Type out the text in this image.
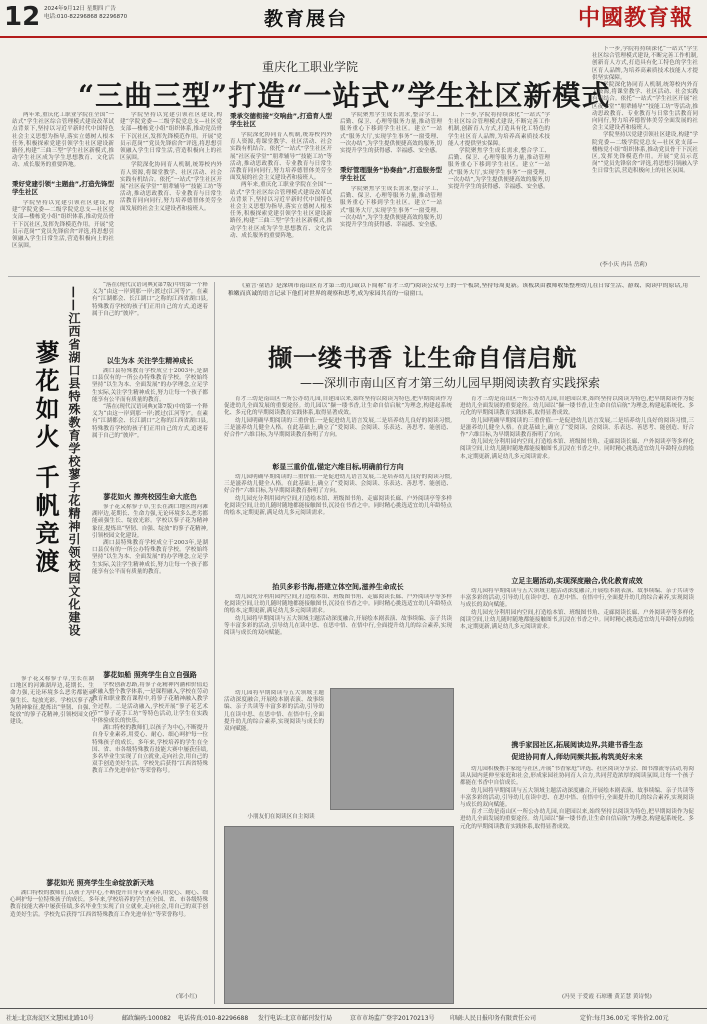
12 2024年9月12日 星期四 广告
电话:010-82296868 82296870	教育展台	中國教育報
重庆化工职业学院
“三曲三型”打造“一站式”学生社区新模式

两年来,重庆化工职业学院在全国“一站式”学生社区综合管理模式建设改革试点背景下,坚持以习近平新时代中国特色社会主义思想为指导,落实立德树人根本任务,积极探索党建引领学生社区建设新路径,构建“三曲三型”学生社区新模式,推动学生社区成为学生思想教育、文化活动、成长服务的重要阵地。

秉好党建引领“主题曲”,打造先锋型学生社区

学院坚持以党建引领社区建设,构建“学院党委—二级学院党总支—社区党支部—楼栋党小组”组织体系,推动党员骨干下沉社区,发挥先锋模范作用。开展“党员示范岗”“党员先锋宿舍”评选,将思想引领融入学生日常生活,营造积极向上的社区氛围。

学院坚持以党建引领社区建设,构建“学院党委—二级学院党总支—社区党支部—楼栋党小组”组织体系,推动党员骨干下沉社区,发挥先锋模范作用。开展“党员示范岗”“党员先锋宿舍”评选,将思想引领融入学生日常生活,营造积极向上的社区氛围。

学院深化协同育人机制,统筹校内外育人资源,将课堂教学、社区活动、社会实践有机结合。依托“一站式”学生社区开展“社区夜学堂”“朋辈辅导”“技能工坊”等活动,推动思政教育、专业教育与日常生活教育同向同行,努力培养德智体美劳全面发展的社会主义建设者和接班人。

秉承交德衔接“交响曲”,打造育人型学生社区

学院深化协同育人机制,统筹校内外育人资源,将课堂教学、社区活动、社会实践有机结合。依托“一站式”学生社区开展“社区夜学堂”“朋辈辅导”“技能工坊”等活动,推动思政教育、专业教育与日常生活教育同向同行,努力培养德智体美劳全面发展的社会主义建设者和接班人。

两年来,重庆化工职业学院在全国“一站式”学生社区综合管理模式建设改革试点背景下,坚持以习近平新时代中国特色社会主义思想为指导,落实立德树人根本任务,积极探索党建引领学生社区建设新路径,构建“三曲三型”学生社区新模式,推动学生社区成为学生思想教育、文化活动、成长服务的重要阵地。

学院聚焦学生成长需求,整合学工、后勤、保卫、心理等服务力量,推动管理服务重心下移到学生社区。建立“一站式”服务大厅,实现学生事务“一窗受理、一次办结”,为学生提供便捷高效的服务,切实提升学生的获得感、幸福感、安全感。

秉好管理服务“协奏曲”,打造服务型学生社区

学院聚焦学生成长需求,整合学工、后勤、保卫、心理等服务力量,推动管理服务重心下移到学生社区。建立“一站式”服务大厅,实现学生事务“一窗受理、一次办结”,为学生提供便捷高效的服务,切实提升学生的获得感、幸福感、安全感。

下一步,学院将持续深化“一站式”学生社区综合管理模式建设,不断完善工作机制,创新育人方式,打造具有化工特色的学生社区育人品牌,为培养高素质技术技能人才提供坚实保障。

学院聚焦学生成长需求,整合学工、后勤、保卫、心理等服务力量,推动管理服务重心下移到学生社区。建立“一站式”服务大厅,实现学生事务“一窗受理、一次办结”,为学生提供便捷高效的服务,切实提升学生的获得感、幸福感、安全感。

下一步,学院将持续深化“一站式”学生社区综合管理模式建设,不断完善工作机制,创新育人方式,打造具有化工特色的学生社区育人品牌,为培养高素质技术技能人才提供坚实保障。

学院深化协同育人机制,统筹校内外育人资源,将课堂教学、社区活动、社会实践有机结合。依托“一站式”学生社区开展“社区夜学堂”“朋辈辅导”“技能工坊”等活动,推动思政教育、专业教育与日常生活教育同向同行,努力培养德智体美劳全面发展的社会主义建设者和接班人。

学院坚持以党建引领社区建设,构建“学院党委—二级学院党总支—社区党支部—楼栋党小组”组织体系,推动党员骨干下沉社区,发挥先锋模范作用。开展“党员示范岗”“党员先锋宿舍”评选,将思想引领融入学生日常生活,营造积极向上的社区氛围。

(李小庆 冉昌 岳莉)

“落在(现代汉语词典)(第7版)中的第一个释义为“由这一岸到那一岸;渡过(江河等)”。在素有“江湖都会、长江湖口”之称的江西省湖口县,特殊教育学校的孩子们正用自己的方式,追逐着属于自己的“彼岸”。

以生为本 关注学生精神成长

湖口县特殊教育学校成立于2003年,是湖口县仅有的一所公办特殊教育学校。学校始终坚持“以生为本、全面发展”的办学理念,立足学生实际,关注学生精神成长,努力让每一个孩子都能享有公平而有质量的教育。

“落在(现代汉语词典)(第7版)中的第一个释义为“由这一岸到那一岸;渡过(江河等)”。在素有“江湖都会、长江湖口”之称的江西省湖口县,特殊教育学校的孩子们正用自己的方式,追逐着属于自己的“彼岸”。

蓼花如火 擦亮校园生命大底色

蓼子花又称蓼子草,生长在湖口地区的河滩湖岸边,花期长、生命力强,无论环境多么恶劣都能顽强生长、绽放光彩。学校以蓼子花为精神象征,提炼出“坚韧、自强、绽放”的蓼子花精神,引领校园文化建设。

湖口县特殊教育学校成立于2003年,是湖口县仅有的一所公办特殊教育学校。学校始终坚持“以生为本、全面发展”的办学理念,立足学生实际,关注学生精神成长,努力让每一个孩子都能享有公平而有质量的教育。

——江西省湖口县特殊教育学校蓼子花精神引领校园文化建设
蓼花如火 千帆竞渡

蓼子花又称蓼子草,生长在湖口地区的河滩湖岸边,花期长、生命力强,无论环境多么恶劣都能顽强生长、绽放光彩。学校以蓼子花为精神象征,提炼出“坚韧、自强、绽放”的蓼子花精神,引领校园文化建设。

蓼花如船 照亮学生自立自强路

学校创新思路,将蓼子花精神内涵和价值追求融入整个教学体系,一是课程融入,学校在劳动教育和职业教育课程中,将蓼子花精神融入教学全过程。二是活动融入,学校开展“蓼子花艺术节”“蓼子花手工坊”等特色活动,让学生在实践中体验成长的快乐。

湖口特校的教师们,以孩子为中心,不断提升自身专业素养,用爱心、耐心、细心呵护每一位特殊孩子的成长。多年来,学校培养的学生在全国、省、市各级特殊教育技能大赛中屡获佳绩,多名毕业生实现了自立就业,走向社会,用自己的双手创造美好生活。学校先后获得“江西省特殊教育工作先进单位”等荣誉称号。

蓼花如光 照亮学生生命绽放新天地

湖口特校的教师们,以孩子为中心,不断提升自身专业素养,用爱心、耐心、细心呵护每一位特殊孩子的成长。多年来,学校培养的学生在全国、省、市各级特殊教育技能大赛中屡获佳绩,多名毕业生实现了自立就业,走向社会,用自己的双手创造美好生活。学校先后获得“江西省特殊教育工作先进单位”等荣誉称号。

(邹小红)

《童言·童语》是深圳市南山区育才第三幼儿园(以下简称“育才三幼”)阅读公众号上的一个板块,坚持每周更新。该板块由教师收集整理幼儿在日常生活、游戏、阅读中的原话,用稚嫩而真诚的语言记录下他们对世界的观察和思考,成为家园共育的一扇窗口。

撷一缕书香 让生命自信启航
——深圳市南山区育才第三幼儿园早期阅读教育实践探索

育才三幼是南山区一所公办幼儿园,自建园以来,始终坚持以阅读为特色,把早期阅读作为促进幼儿全面发展的重要途径。幼儿园以“撷一缕书香,让生命自信启航”为理念,构建起系统化、多元化的早期阅读教育实践体系,取得显著成效。

幼儿园明确早期阅读的三重价值:一是促进幼儿语言发展,二是培养幼儿良好的阅读习惯,三是滋养幼儿健全人格。在此基础上,确立了“爱阅读、会阅读、乐表达、善思考、能创造、好合作”六维目标,为早期阅读教育指明了方向。

彰显三重价值,锚定六维目标,明确前行方向

幼儿园明确早期阅读的三重价值:一是促进幼儿语言发展,二是培养幼儿良好的阅读习惯,三是滋养幼儿健全人格。在此基础上,确立了“爱阅读、会阅读、乐表达、善思考、能创造、好合作”六维目标,为早期阅读教育指明了方向。

幼儿园充分利用园内空间,打造绘本馆、班级图书角、走廊阅读长廊、户外阅读亭等多样化阅读空间,让幼儿随时随地都能接触图书,沉浸在书香之中。同时精心挑选适宜幼儿年龄特点的绘本,定期更新,满足幼儿多元阅读需求。

抬贝多彩书海,搭建立体空间,滋养生命成长

幼儿园充分利用园内空间,打造绘本馆、班级图书角、走廊阅读长廊、户外阅读亭等多样化阅读空间,让幼儿随时随地都能接触图书,沉浸在书香之中。同时精心挑选适宜幼儿年龄特点的绘本,定期更新,满足幼儿多元阅读需求。

幼儿园将早期阅读与五大领域主题活动深度融合,开展绘本剧表演、故事续编、亲子共读等丰富多彩的活动,引导幼儿在读中思、在思中悟、在悟中行,全面提升幼儿的综合素养,实现阅读与成长的双向赋能。

幼儿园将早期阅读与五大领域主题活动深度融合,开展绘本剧表演、故事续编、亲子共读等丰富多彩的活动,引导幼儿在读中思、在思中悟、在悟中行,全面提升幼儿的综合素养,实现阅读与成长的双向赋能。

小朋友们在阅读区自主阅读

育才三幼是南山区一所公办幼儿园,自建园以来,始终坚持以阅读为特色,把早期阅读作为促进幼儿全面发展的重要途径。幼儿园以“撷一缕书香,让生命自信启航”为理念,构建起系统化、多元化的早期阅读教育实践体系,取得显著成效。

幼儿园明确早期阅读的三重价值:一是促进幼儿语言发展,二是培养幼儿良好的阅读习惯,三是滋养幼儿健全人格。在此基础上,确立了“爱阅读、会阅读、乐表达、善思考、能创造、好合作”六维目标,为早期阅读教育指明了方向。

幼儿园充分利用园内空间,打造绘本馆、班级图书角、走廊阅读长廊、户外阅读亭等多样化阅读空间,让幼儿随时随地都能接触图书,沉浸在书香之中。同时精心挑选适宜幼儿年龄特点的绘本,定期更新,满足幼儿多元阅读需求。

立足主题活动,实现深度融合,优化教育成效

幼儿园将早期阅读与五大领域主题活动深度融合,开展绘本剧表演、故事续编、亲子共读等丰富多彩的活动,引导幼儿在读中思、在思中悟、在悟中行,全面提升幼儿的综合素养,实现阅读与成长的双向赋能。

幼儿园充分利用园内空间,打造绘本馆、班级图书角、走廊阅读长廊、户外阅读亭等多样化阅读空间,让幼儿随时随地都能接触图书,沉浸在书香之中。同时精心挑选适宜幼儿年龄特点的绘本,定期更新,满足幼儿多元阅读需求。

携手家园社区,拓展阅读边界,共建书香生态
促进协同育人,师幼同频共振,构筑美好未来

幼儿园积极携手家庭与社区,开展“书香家庭”评选、社区阅读分享会、图书漂流等活动,将阅读从园内延伸至家庭和社会,形成家园社协同育人合力,共同营造浓厚的阅读氛围,让每一个孩子都能在书香中自信成长。

幼儿园将早期阅读与五大领域主题活动深度融合,开展绘本剧表演、故事续编、亲子共读等丰富多彩的活动,引导幼儿在读中思、在思中悟、在悟中行,全面提升幼儿的综合素养,实现阅读与成长的双向赋能。

育才三幼是南山区一所公办幼儿园,自建园以来,始终坚持以阅读为特色,把早期阅读作为促进幼儿全面发展的重要途径。幼儿园以“撷一缕书香,让生命自信启航”为理念,构建起系统化、多元化的早期阅读教育实践体系,取得显著成效。

(冯昊 于爱霞 石琼珊 黄芷慧 黄诗悦)
社址:北京海淀区文慧园北路10号	邮政编码:100082 电话传真:010-82296688 发行电话:北京市邮刊发行局	京市市场监广登字20170213号	印刷:人民日报印务有限责任公司	定价:每月36.00元 零售价2.00元
